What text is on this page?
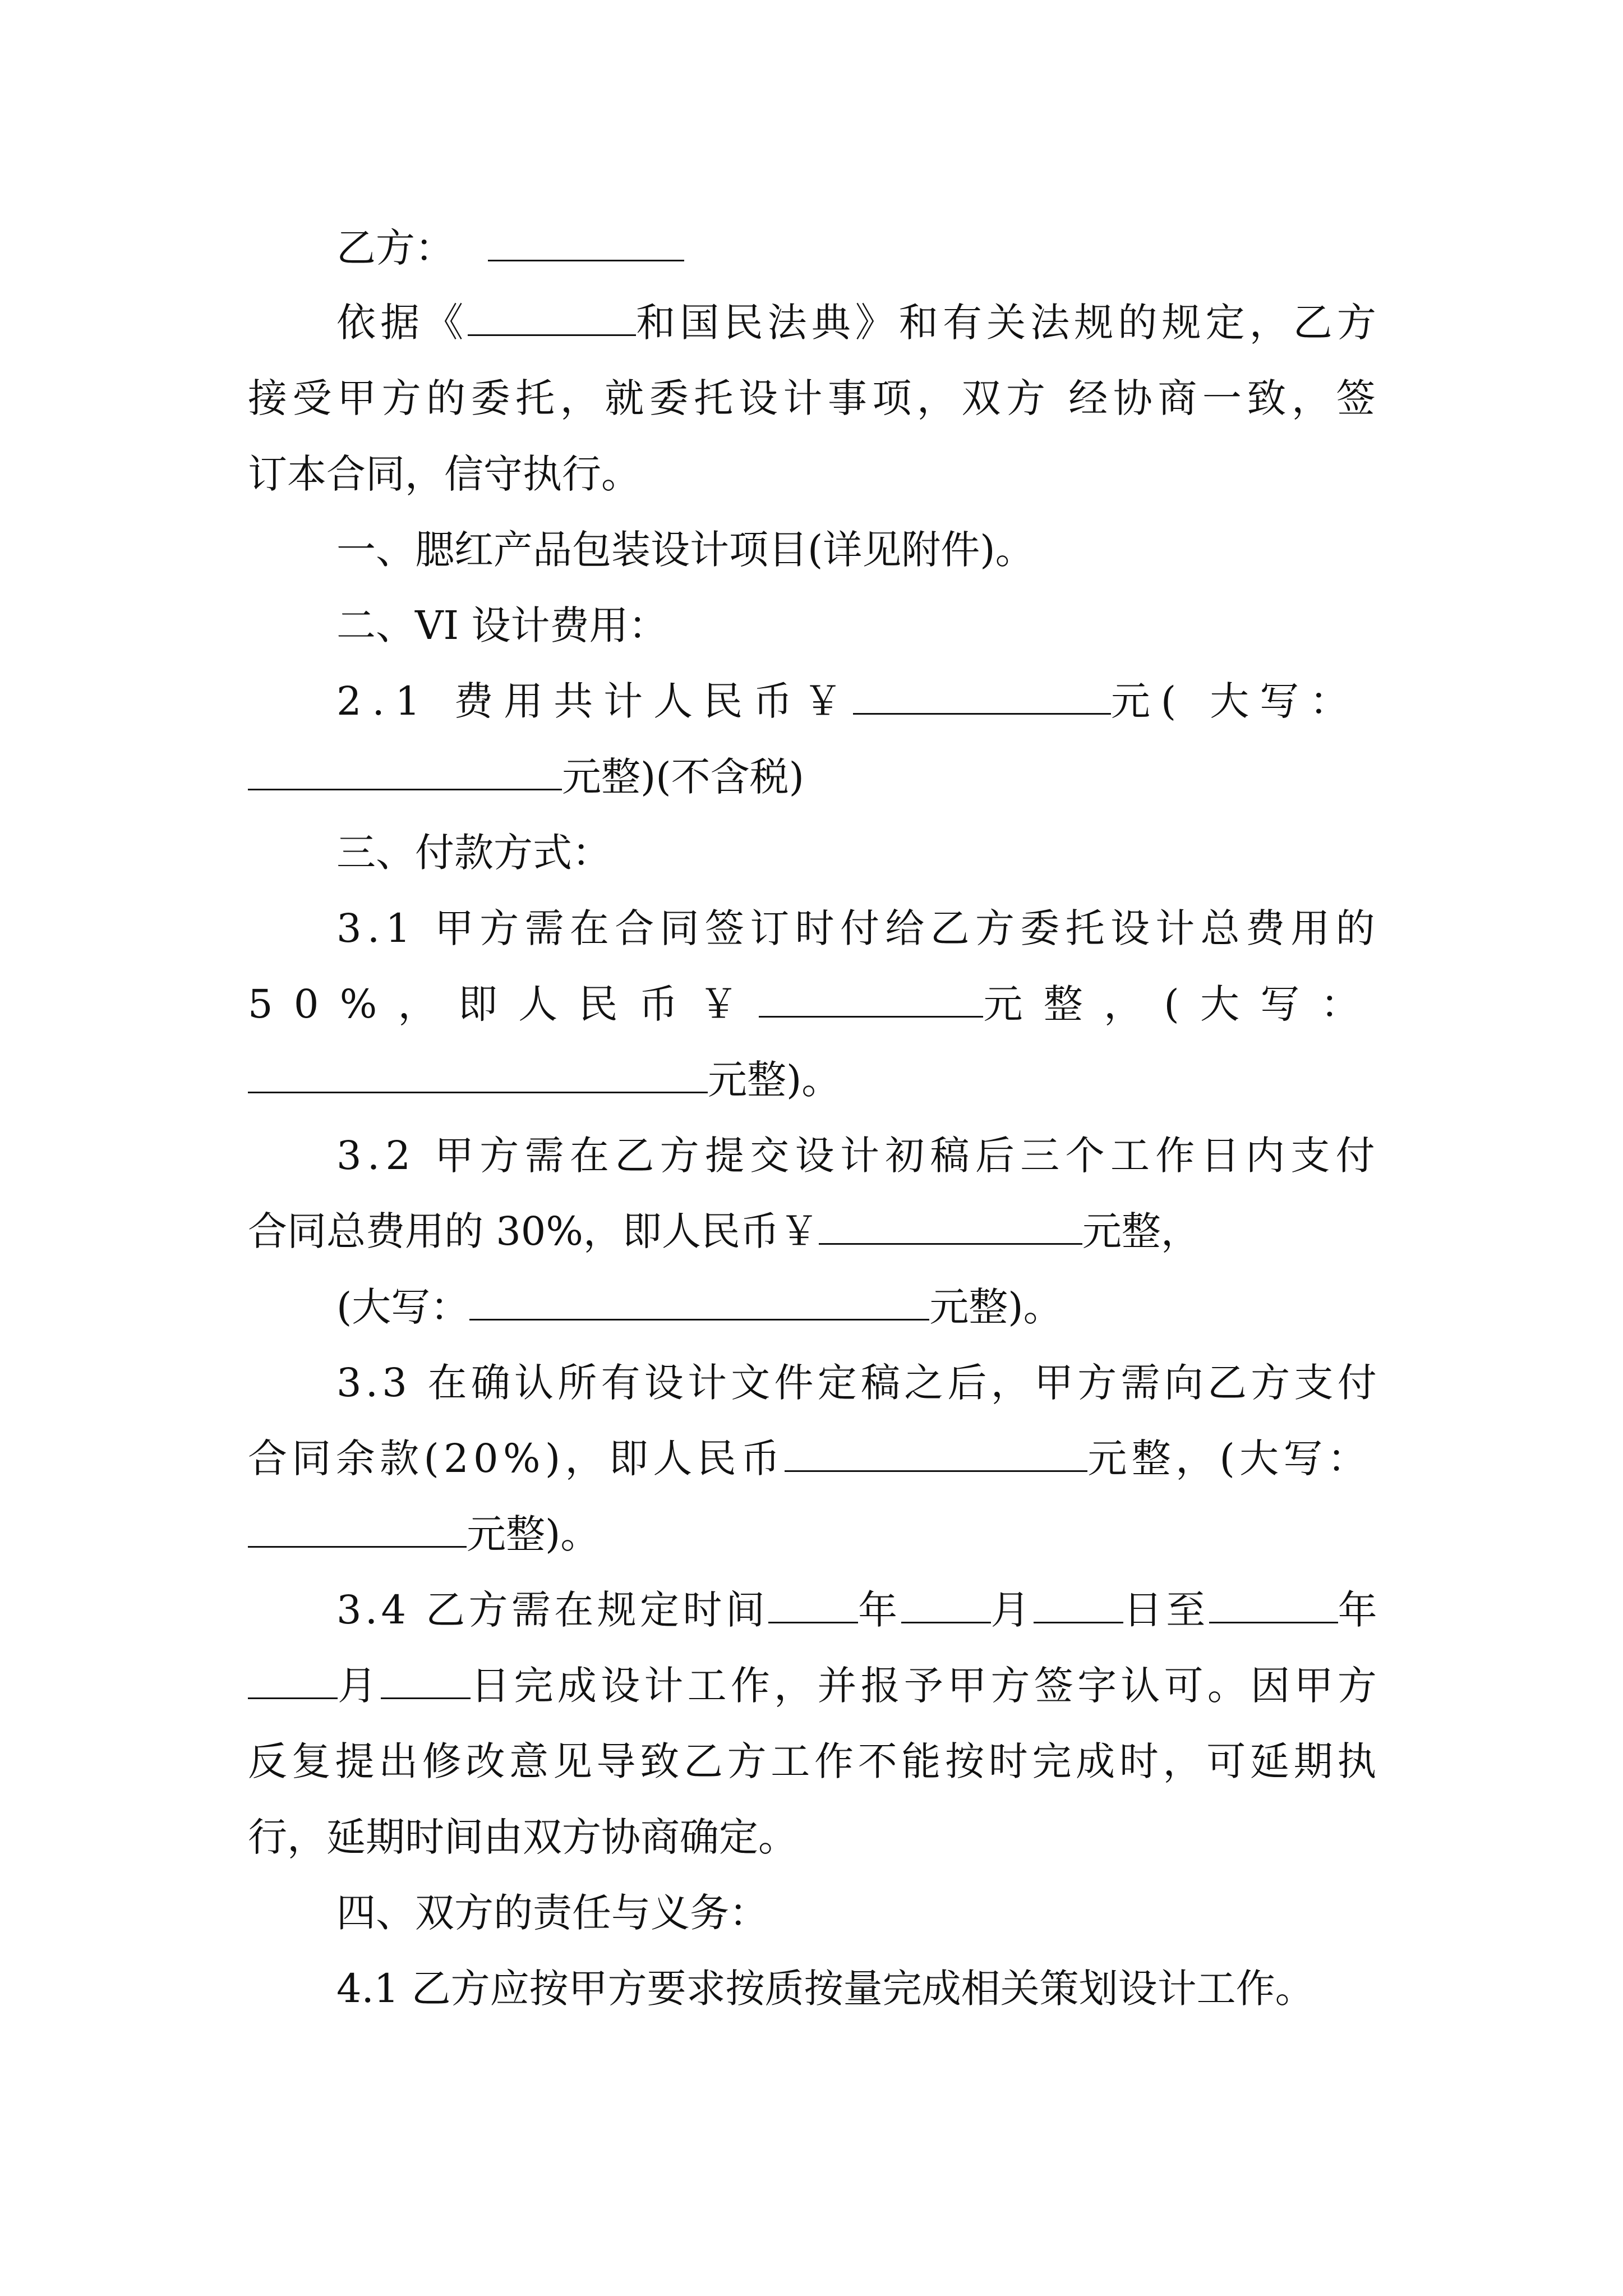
乙方：
依据《	和国民法典》和有关法规的规定，乙方
接受甲方的委托，就委托设计事项，双方 经协商一致，签
订本合同，信守执行。
一、腮红产品包装设计项目(详见附件)。
二、VI 设计费用：
2.1 费用共计人民币￥	元( 大写：
元整)(不含税)
三、付款方式：
3.1 甲方需在合同签订时付给乙方委托设计总费用的
50%，即人民币￥	元整，(大写：
元整)。
3.2 甲方需在乙方提交设计初稿后三个工作日内支付
合同总费用的 30%，即人民币￥	元整，
(大写：	元整)。
3.3 在确认所有设计文件定稿之后，甲方需向乙方支付
合同余款(20%)，即人民币	元整，(大写：
元整)。
3.4 乙方需在规定时间 年 月 日至	年
月 日完成设计工作，并报予甲方签字认可。因甲方
反复提出修改意见导致乙方工作不能按时完成时，可延期执
行，延期时间由双方协商确定。
四、双方的责任与义务：
4.1 乙方应按甲方要求按质按量完成相关策划设计工作。
